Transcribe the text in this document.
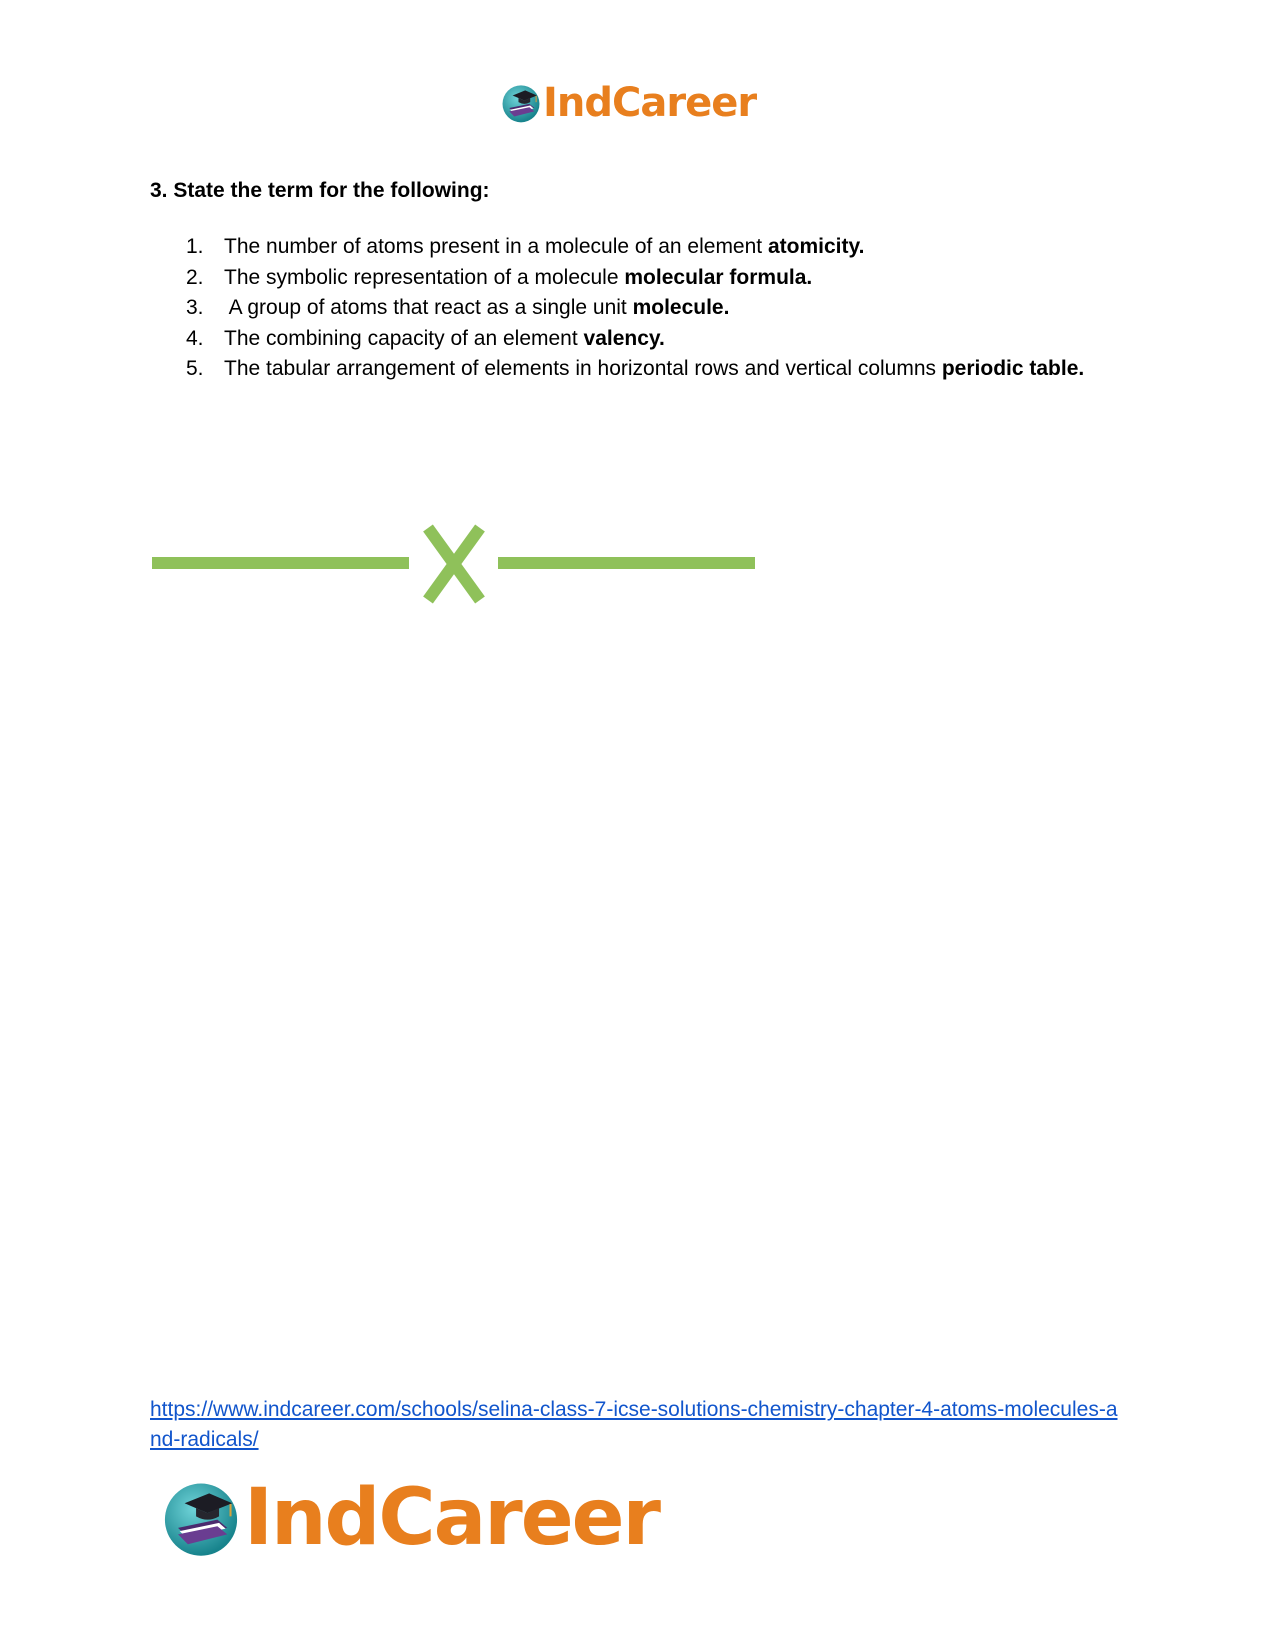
IndCareer
3. State the term for the following:
1. The number of atoms present in a molecule of an element atomicity.
2. The symbolic representation of a molecule molecular formula.
3. A group of atoms that react as a single unit molecule.
4. The combining capacity of an element valency.
5. The tabular arrangement of elements in horizontal rows and vertical columns periodic table.
https://www.indcareer.com/schools/selina-class-7-icse-solutions-chemistry-chapter-4-atoms-molecules-and-radicals/
IndCareer
